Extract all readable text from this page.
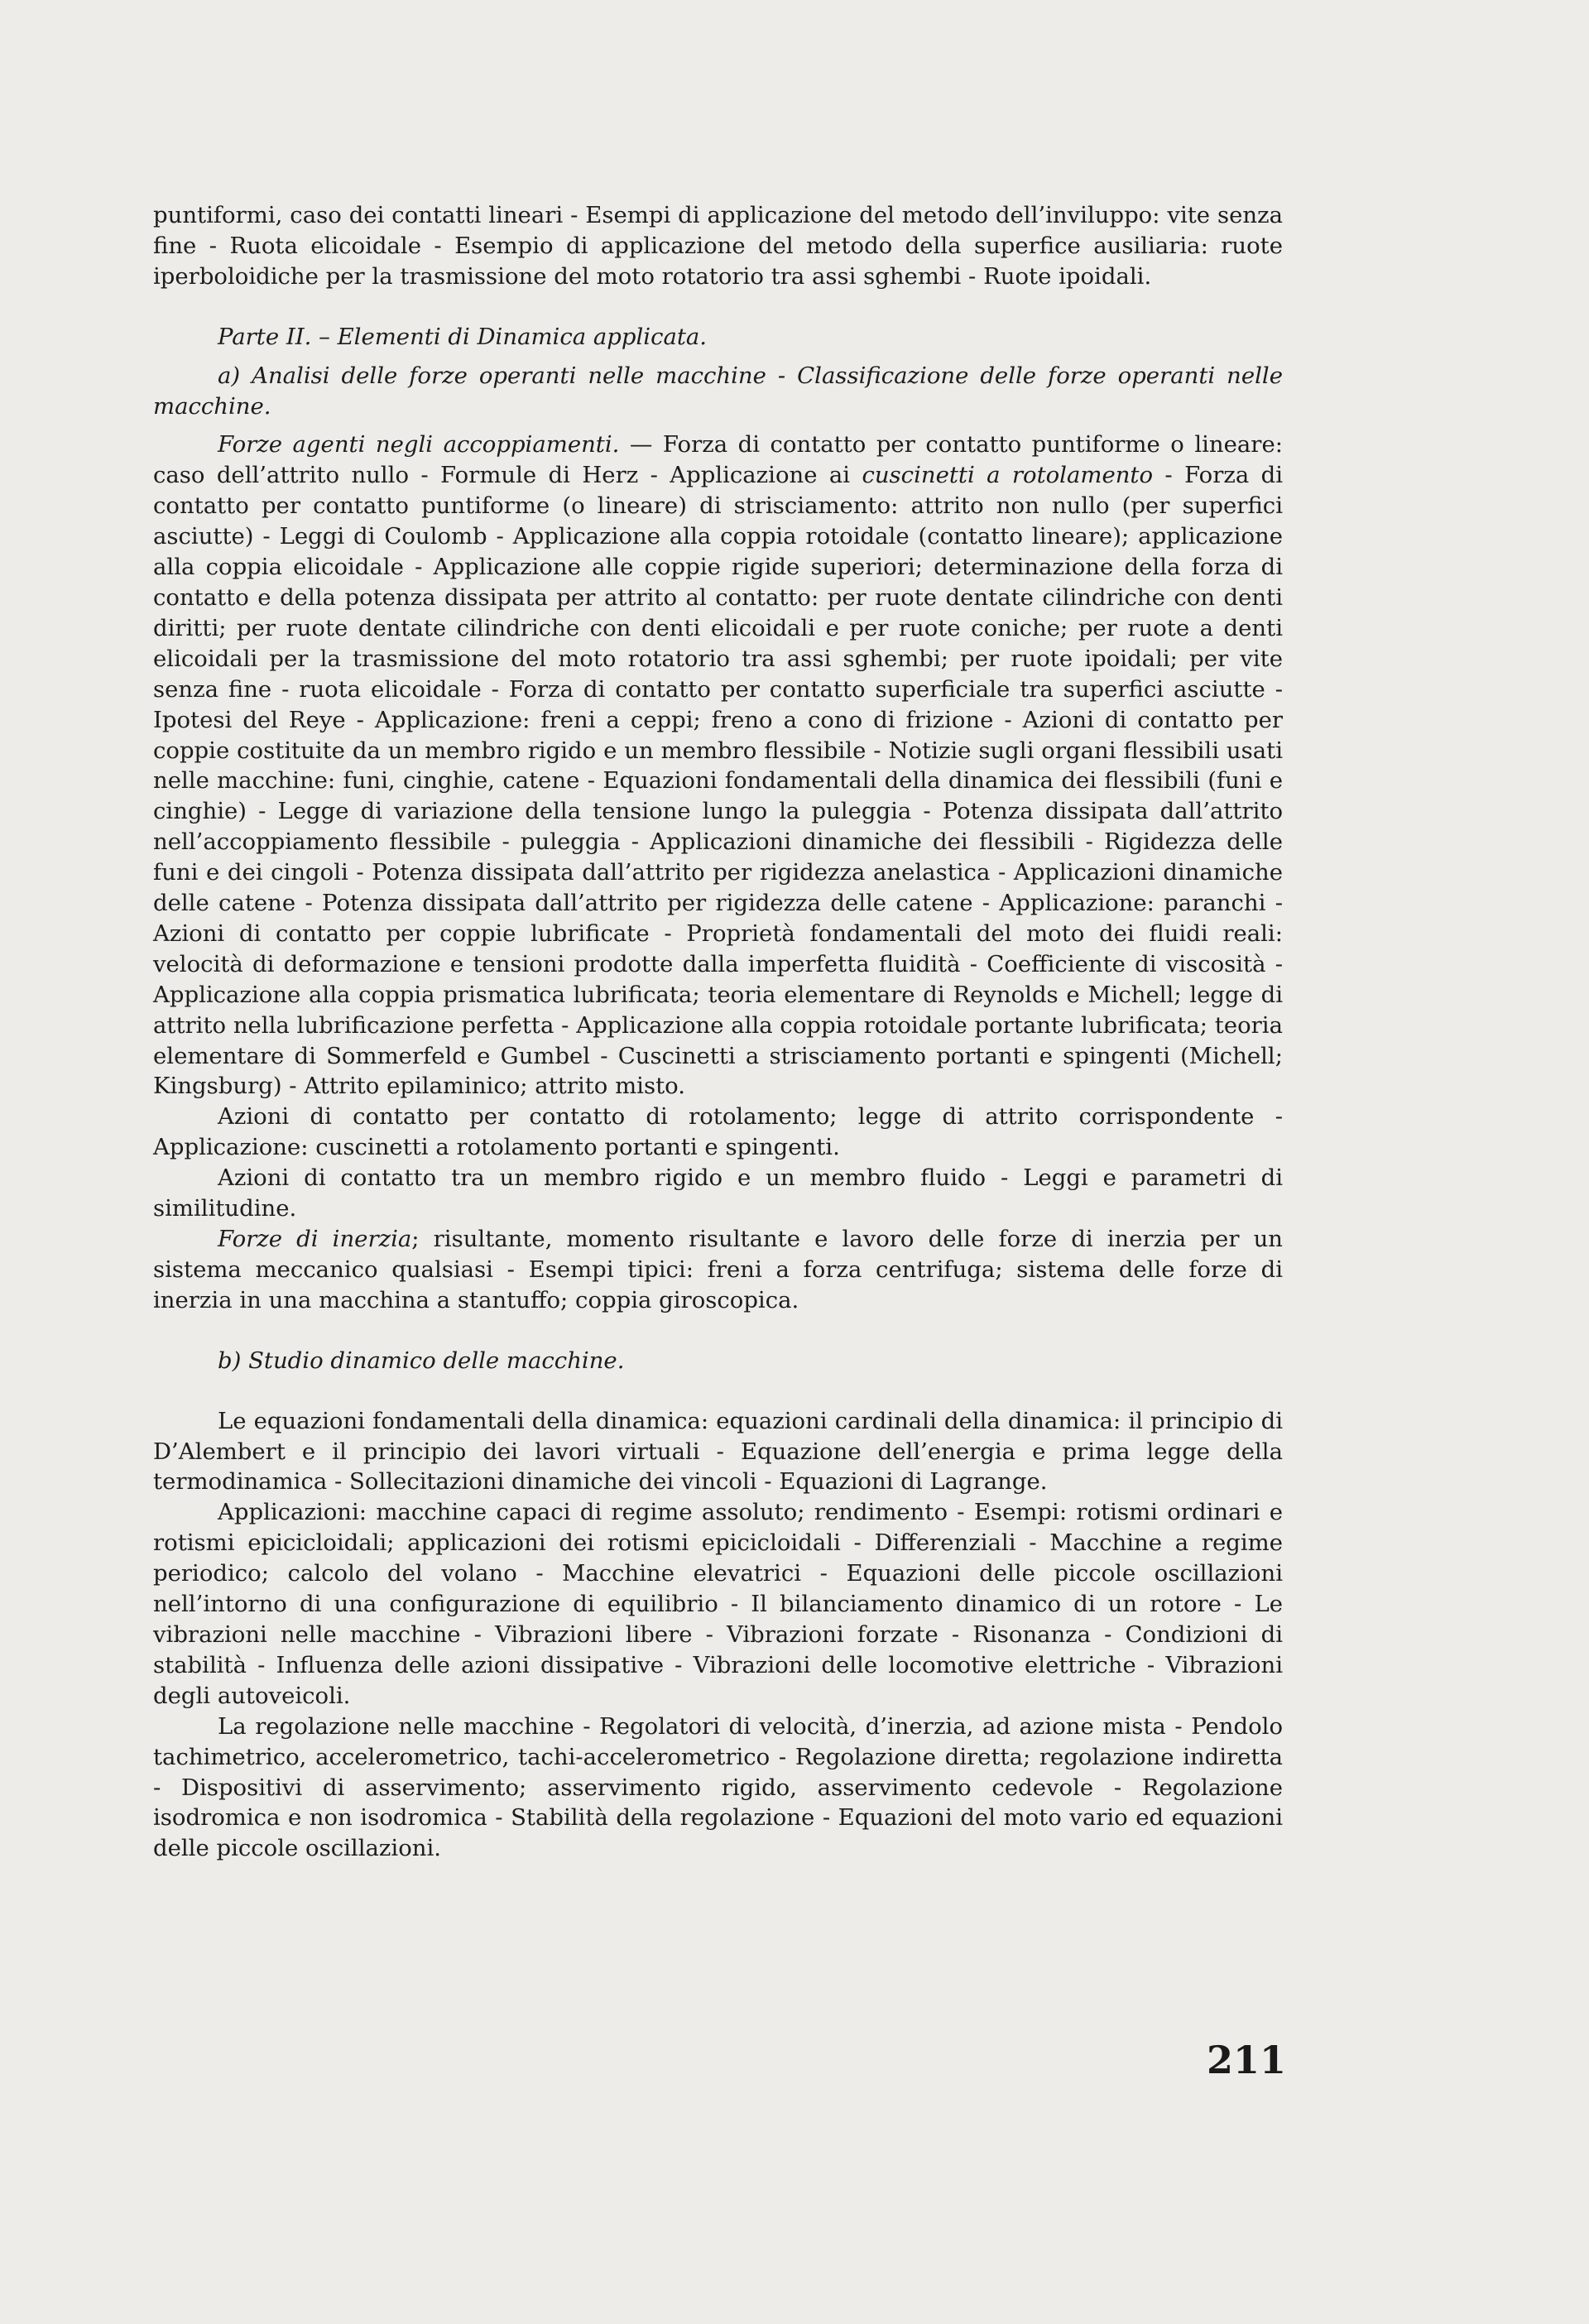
puntiformi, caso dei contatti lineari - Esempi di applicazione del metodo dell’inviluppo: vite senza fine - Ruota elicoidale - Esempio di applicazione del metodo della superfice ausiliaria: ruote iperboloidiche per la trasmissione del moto rotatorio tra assi sghembi - Ruote ipoidali.

Parte II. – Elementi di Dinamica applicata.

a) Analisi delle forze operanti nelle macchine - Classificazione delle forze operanti nelle macchine.

Forze agenti negli accoppiamenti. — Forza di contatto per contatto puntiforme o lineare: caso dell’attrito nullo - Formule di Herz - Applicazione ai cuscinetti a rotolamento - Forza di contatto per contatto puntiforme (o lineare) di strisciamento: attrito non nullo (per superfici asciutte) - Leggi di Coulomb - Applicazione alla coppia rotoidale (contatto lineare); applicazione alla coppia elicoidale - Applicazione alle coppie rigide superiori; determinazione della forza di contatto e della potenza dissipata per attrito al contatto: per ruote dentate cilindriche con denti diritti; per ruote dentate cilindriche con denti elicoidali e per ruote coniche; per ruote a denti elicoidali per la trasmissione del moto rotatorio tra assi sghembi; per ruote ipoidali; per vite senza fine - ruota elicoidale - Forza di contatto per contatto superficiale tra superfici asciutte - Ipotesi del Reye - Applicazione: freni a ceppi; freno a cono di frizione - Azioni di contatto per coppie costituite da un membro rigido e un membro flessibile - Notizie sugli organi flessibili usati nelle macchine: funi, cinghie, catene - Equazioni fondamentali della dinamica dei flessibili (funi e cinghie) - Legge di variazione della tensione lungo la puleggia - Potenza dissipata dall’attrito nell’accoppiamento flessibile - puleggia - Applicazioni dinamiche dei flessibili - Rigidezza delle funi e dei cingoli - Potenza dissipata dall’attrito per rigidezza anelastica - Applicazioni dinamiche delle catene - Potenza dissipata dall’attrito per rigidezza delle catene - Applicazione: paranchi - Azioni di contatto per coppie lubrificate - Proprietà fondamentali del moto dei fluidi reali: velocità di deformazione e tensioni prodotte dalla imperfetta fluidità - Coefficiente di viscosità - Applicazione alla coppia prismatica lubrificata; teoria elementare di Reynolds e Michell; legge di attrito nella lubrificazione perfetta - Applicazione alla coppia rotoidale portante lubrificata; teoria elementare di Sommerfeld e Gumbel - Cuscinetti a strisciamento portanti e spingenti (Michell; Kingsburg) - Attrito epilaminico; attrito misto.

Azioni di contatto per contatto di rotolamento; legge di attrito corrispondente - Applicazione: cuscinetti a rotolamento portanti e spingenti.

Azioni di contatto tra un membro rigido e un membro fluido - Leggi e parametri di similitudine.

Forze di inerzia; risultante, momento risultante e lavoro delle forze di inerzia per un sistema meccanico qualsiasi - Esempi tipici: freni a forza centrifuga; sistema delle forze di inerzia in una macchina a stantuffo; coppia giroscopica.

b) Studio dinamico delle macchine.

Le equazioni fondamentali della dinamica: equazioni cardinali della dinamica: il principio di D’Alembert e il principio dei lavori virtuali - Equazione dell’energia e prima legge della termodinamica - Sollecitazioni dinamiche dei vincoli - Equazioni di Lagrange.

Applicazioni: macchine capaci di regime assoluto; rendimento - Esempi: rotismi ordinari e rotismi epicicloidali; applicazioni dei rotismi epicicloidali - Differenziali - Macchine a regime periodico; calcolo del volano - Macchine elevatrici - Equazioni delle piccole oscillazioni nell’intorno di una configurazione di equilibrio - Il bilanciamento dinamico di un rotore - Le vibrazioni nelle macchine - Vibrazioni libere - Vibrazioni forzate - Risonanza - Condizioni di stabilità - Influenza delle azioni dissipative - Vibrazioni delle locomotive elettriche - Vibrazioni degli autoveicoli.

La regolazione nelle macchine - Regolatori di velocità, d’inerzia, ad azione mista - Pendolo tachimetrico, accelerometrico, tachi-accelerometrico - Regolazione diretta; regolazione indiretta - Dispositivi di asservimento; asservimento rigido, asservimento cedevole - Regolazione isodromica e non isodromica - Stabilità della regolazione - Equazioni del moto vario ed equazioni delle piccole oscillazioni.

211
